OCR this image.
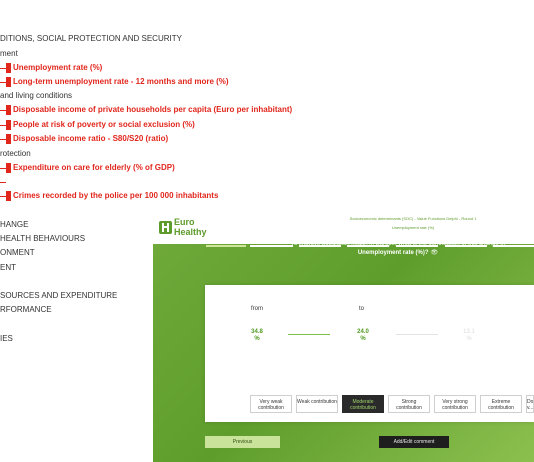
DITIONS, SOCIAL PROTECTION AND SECURITY
ment
Unemployment rate (%)
Long-term unemployment rate - 12 months and more (%)
and living conditions
Disposable income of private households per capita (Euro per inhabitant)
People at risk of poverty or social exclusion (%)
Disposable income ratio - S80/S20 (ratio)
rotection
Expenditure on care for elderly (% of GDP)
Crimes recorded by the police per 100 000 inhabitants
HANGE
HEALTH BEHAVIOURS
ONMENT
ENT
SOURCES AND EXPENDITURE
RFORMANCE
IES
Euro
Healthy
Socioeconomic determinants (SOC) - Value Functions Delphi - Round 1
Unemployment rate (%)
To improve population health in Europe, what is the contribution of this change in
Unemployment rate (%)? 👁
from	to
34.8
%
24.0
%
13.1
%
Very weak contribution
Weak contribution	Moderate contribution
Strong contribution
Very strong contribution
Extreme contribution
Do v...
Previous	Add/Edit comment
